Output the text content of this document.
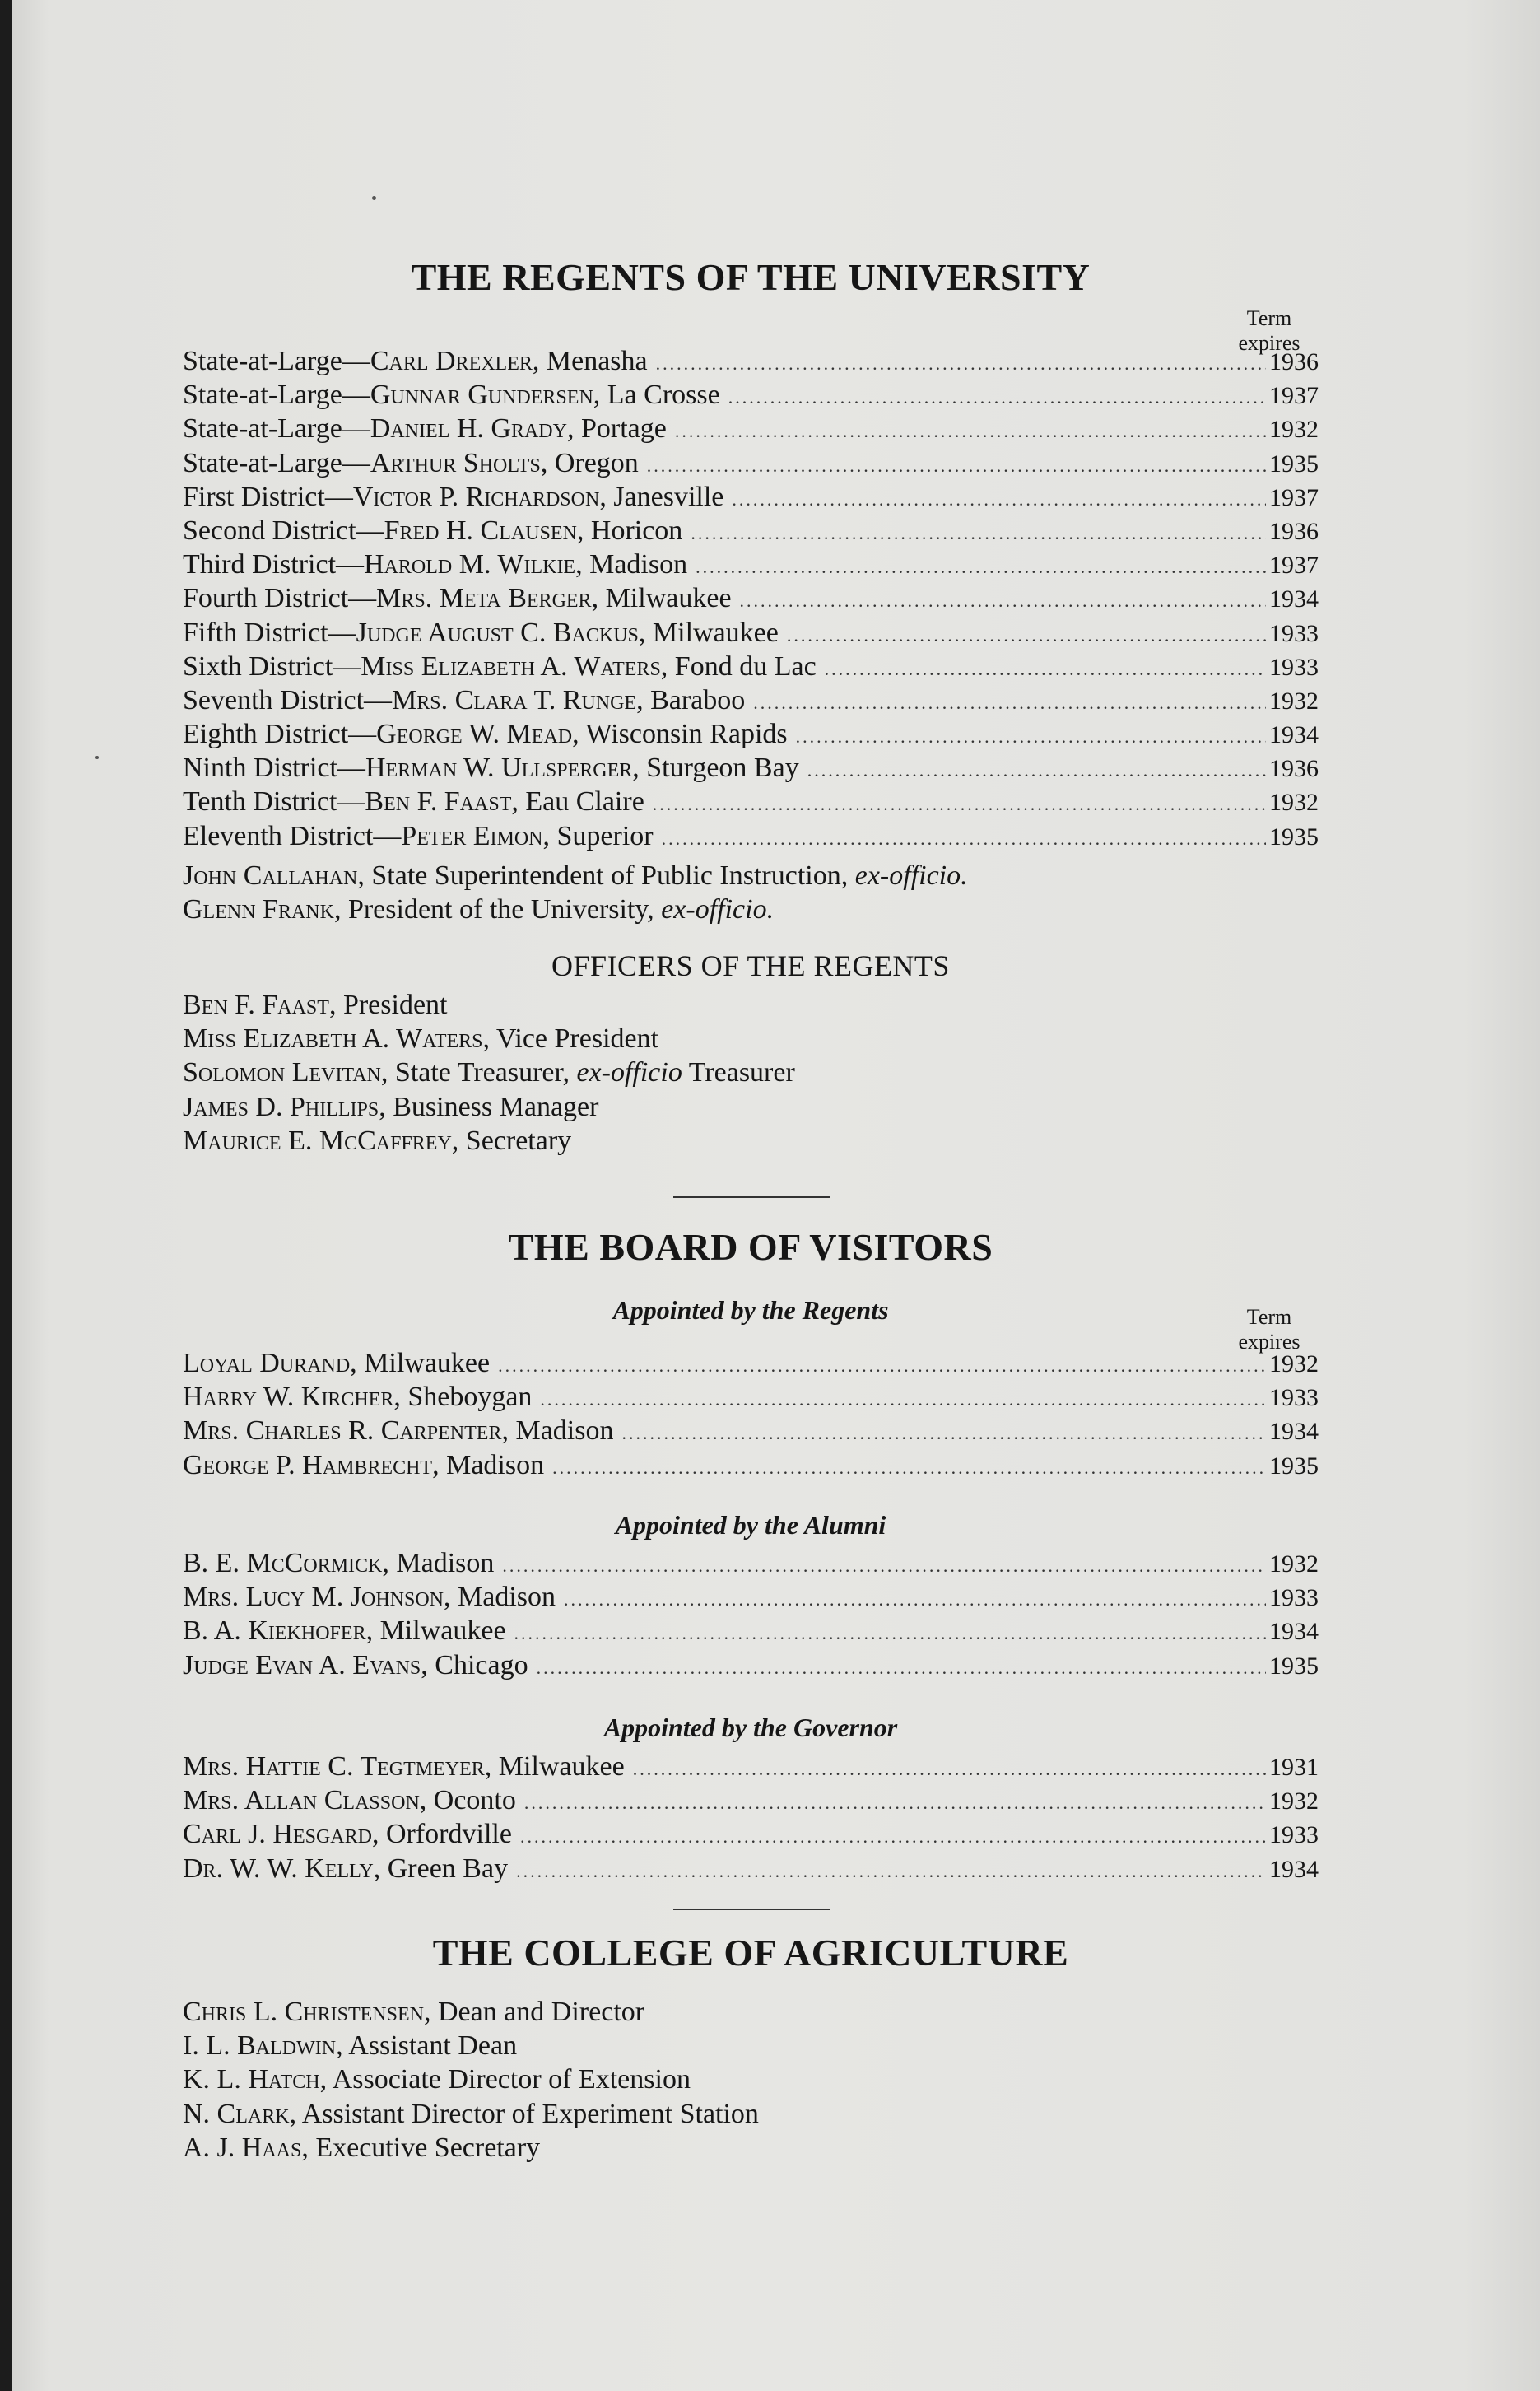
THE REGENTS OF THE UNIVERSITY
Term
expires
State-at-Large—Carl Drexler, Menasha .....	1936
State-at-Large—Gunnar Gundersen, La Crosse .....	1937
State-at-Large—Daniel H. Grady, Portage .....	1932
State-at-Large—Arthur Sholts, Oregon .....	1935
First District—Victor P. Richardson, Janesville .....	1937
Second District—Fred H. Clausen, Horicon .....	1936
Third District—Harold M. Wilkie, Madison .....	1937
Fourth District—Mrs. Meta Berger, Milwaukee .....	1934
Fifth District—Judge August C. Backus, Milwaukee .....	1933
Sixth District—Miss Elizabeth A. Waters, Fond du Lac .....	1933
Seventh District—Mrs. Clara T. Runge, Baraboo .....	1932
Eighth District—George W. Mead, Wisconsin Rapids .....	1934
Ninth District—Herman W. Ullsperger, Sturgeon Bay .....	1936
Tenth District—Ben F. Faast, Eau Claire .....	1932
Eleventh District—Peter Eimon, Superior .....	1935
John Callahan, State Superintendent of Public Instruction, ex-officio.
Glenn Frank, President of the University, ex-officio.
OFFICERS OF THE REGENTS
Ben F. Faast, President
Miss Elizabeth A. Waters, Vice President
Solomon Levitan, State Treasurer, ex-officio Treasurer
James D. Phillips, Business Manager
Maurice E. McCaffrey, Secretary
THE BOARD OF VISITORS
Term
expires
Appointed by the Regents
Loyal Durand, Milwaukee .....	1932
Harry W. Kircher, Sheboygan .....	1933
Mrs. Charles R. Carpenter, Madison .....	1934
George P. Hambrecht, Madison .....	1935
Appointed by the Alumni
B. E. McCormick, Madison .....	1932
Mrs. Lucy M. Johnson, Madison .....	1933
B. A. Kiekhofer, Milwaukee .....	1934
Judge Evan A. Evans, Chicago .....	1935
Appointed by the Governor
Mrs. Hattie C. Tegtmeyer, Milwaukee .....	1931
Mrs. Allan Classon, Oconto .....	1932
Carl J. Hesgard, Orfordville .....	1933
Dr. W. W. Kelly, Green Bay .....	1934
THE COLLEGE OF AGRICULTURE
Chris L. Christensen, Dean and Director
I. L. Baldwin, Assistant Dean
K. L. Hatch, Associate Director of Extension
N. Clark, Assistant Director of Experiment Station
A. J. Haas, Executive Secretary
